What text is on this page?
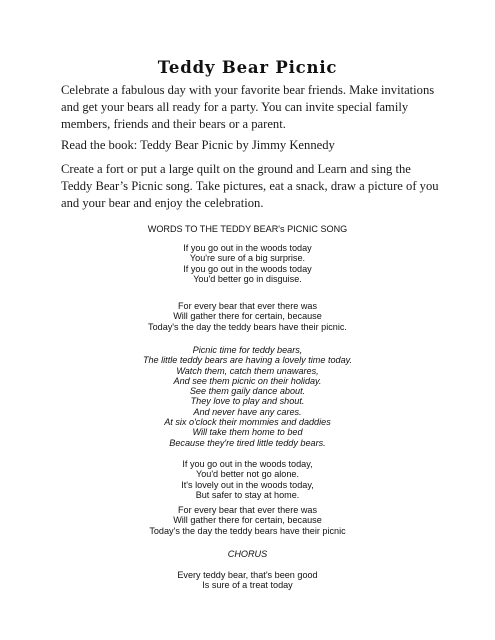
Teddy Bear Picnic

Celebrate a fabulous day with your favorite bear friends. Make invitations and get your bears all ready for a party. You can invite special family members, friends and their bears or a parent.

Read the book: Teddy Bear Picnic by Jimmy Kennedy

Create a fort or put a large quilt on the ground and Learn and sing the Teddy Bear’s Picnic song. Take pictures, eat a snack, draw a picture of you and your bear and enjoy the celebration.

WORDS TO THE TEDDY BEAR's PICNIC SONG

If you go out in the woods today
You're sure of a big surprise.
If you go out in the woods today
You'd better go in disguise.
For every bear that ever there was
Will gather there for certain, because
Today's the day the teddy bears have their picnic.
Picnic time for teddy bears,
The little teddy bears are having a lovely time today.
Watch them, catch them unawares,
And see them picnic on their holiday.
See them gaily dance about.
They love to play and shout.
And never have any cares.
At six o'clock their mommies and daddies
Will take them home to bed
Because they're tired little teddy bears.
If you go out in the woods today,
You'd better not go alone.
It's lovely out in the woods today,
But safer to stay at home.
For every bear that ever there was
Will gather there for certain, because
Today's the day the teddy bears have their picnic

CHORUS

Every teddy bear, that's been good
Is sure of a treat today
